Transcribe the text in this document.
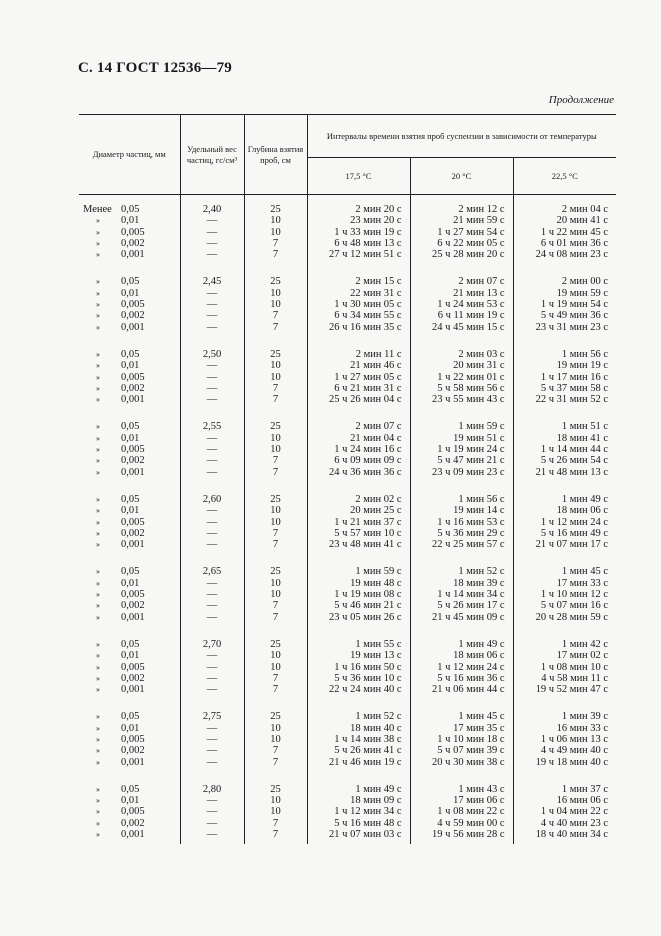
С. 14 ГОСТ 12536—79
Продолжение
Диаметр частиц, мм	Удельный вес частиц, гс/см³	Глубина взятия проб, см	Интервалы времени взятия проб суспензии в зависимости от температуры		
			17,5 °С	20 °С	22,5 °С
Менее 0,05	2,40	25	2 мин 20 с	2 мин 12 с	2 мин 04 с
» 0,01	—	10	23 мин 20 с	21 мин 59 с	20 мин 41 с
» 0,005	—	10	1 ч 33 мин 19 с	1 ч 27 мин 54 с	1 ч 22 мин 45 с
» 0,002	—	7	6 ч 48 мин 13 с	6 ч 22 мин 05 с	6 ч 01 мин 36 с
» 0,001	—	7	27 ч 12 мин 51 с	25 ч 28 мин 20 с	24 ч 08 мин 23 с
» 0,05	2,45	25	2 мин 15 с	2 мин 07 с	2 мин 00 с
» 0,01	—	10	22 мин 31 с	21 мин 13 с	19 мин 59 с
» 0,005	—	10	1 ч 30 мин 05 с	1 ч 24 мин 53 с	1 ч 19 мин 54 с
» 0,002	—	7	6 ч 34 мин 55 с	6 ч 11 мин 19 с	5 ч 49 мин 36 с
» 0,001	—	7	26 ч 16 мин 35 с	24 ч 45 мин 15 с	23 ч 31 мин 23 с
» 0,05	2,50	25	2 мин 11 с	2 мин 03 с	1 мин 56 с
» 0,01	—	10	21 мин 46 с	20 мин 31 с	19 мин 19 с
» 0,005	—	10	1 ч 27 мин 05 с	1 ч 22 мин 01 с	1 ч 17 мин 16 с
» 0,002	—	7	6 ч 21 мин 31 с	5 ч 58 мин 56 с	5 ч 37 мин 58 с
» 0,001	—	7	25 ч 26 мин 04 с	23 ч 55 мин 43 с	22 ч 31 мин 52 с
» 0,05	2,55	25	2 мин 07 с	1 мин 59 с	1 мин 51 с
» 0,01	—	10	21 мин 04 с	19 мин 51 с	18 мин 41 с
» 0,005	—	10	1 ч 24 мин 16 с	1 ч 19 мин 24 с	1 ч 14 мин 44 с
» 0,002	—	7	6 ч 09 мин 09 с	5 ч 47 мин 21 с	5 ч 26 мин 54 с
» 0,001	—	7	24 ч 36 мин 36 с	23 ч 09 мин 23 с	21 ч 48 мин 13 с
» 0,05	2,60	25	2 мин 02 с	1 мин 56 с	1 мин 49 с
» 0,01	—	10	20 мин 25 с	19 мин 14 с	18 мин 06 с
» 0,005	—	10	1 ч 21 мин 37 с	1 ч 16 мин 53 с	1 ч 12 мин 24 с
» 0,002	—	7	5 ч 57 мин 10 с	5 ч 36 мин 29 с	5 ч 16 мин 49 с
» 0,001	—	7	23 ч 48 мин 41 с	22 ч 25 мин 57 с	21 ч 07 мин 17 с
» 0,05	2,65	25	1 мин 59 с	1 мин 52 с	1 мин 45 с
» 0,01	—	10	19 мин 48 с	18 мин 39 с	17 мин 33 с
» 0,005	—	10	1 ч 19 мин 08 с	1 ч 14 мин 34 с	1 ч 10 мин 12 с
» 0,002	—	7	5 ч 46 мин 21 с	5 ч 26 мин 17 с	5 ч 07 мин 16 с
» 0,001	—	7	23 ч 05 мин 26 с	21 ч 45 мин 09 с	20 ч 28 мин 59 с
» 0,05	2,70	25	1 мин 55 с	1 мин 49 с	1 мин 42 с
» 0,01	—	10	19 мин 13 с	18 мин 06 с	17 мин 02 с
» 0,005	—	10	1 ч 16 мин 50 с	1 ч 12 мин 24 с	1 ч 08 мин 10 с
» 0,002	—	7	5 ч 36 мин 10 с	5 ч 16 мин 36 с	4 ч 58 мин 11 с
» 0,001	—	7	22 ч 24 мин 40 с	21 ч 06 мин 44 с	19 ч 52 мин 47 с
» 0,05	2,75	25	1 мин 52 с	1 мин 45 с	1 мин 39 с
» 0,01	—	10	18 мин 40 с	17 мин 35 с	16 мин 33 с
» 0,005	—	10	1 ч 14 мин 38 с	1 ч 10 мин 18 с	1 ч 06 мин 13 с
» 0,002	—	7	5 ч 26 мин 41 с	5 ч 07 мин 39 с	4 ч 49 мин 40 с
» 0,001	—	7	21 ч 46 мин 19 с	20 ч 30 мин 38 с	19 ч 18 мин 40 с
» 0,05	2,80	25	1 мин 49 с	1 мин 43 с	1 мин 37 с
» 0,01	—	10	18 мин 09 с	17 мин 06 с	16 мин 06 с
» 0,005	—	10	1 ч 12 мин 34 с	1 ч 08 мин 22 с	1 ч 04 мин 22 с
» 0,002	—	7	5 ч 16 мин 48 с	4 ч 59 мин 00 с	4 ч 40 мин 23 с
» 0,001	—	7	21 ч 07 мин 03 с	19 ч 56 мин 28 с	18 ч 40 мин 34 с
